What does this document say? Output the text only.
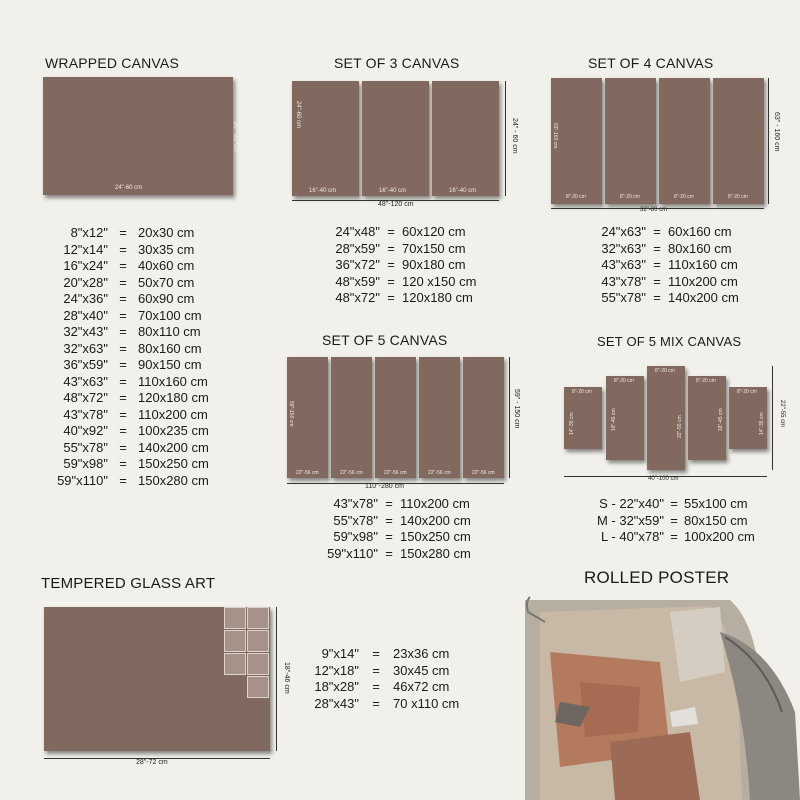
WRAPPED CANVAS
24"-60 cm
36"-90 cm
8"x12" = 20x30 cm
12"x14" = 30x35 cm
16"x24" = 40x60 cm
20"x28" = 50x70 cm
24"x36" = 60x90 cm
28"x40" = 70x100 cm
32"x43" = 80x110 cm
32"x63" = 80x160 cm
36"x59" = 90x150 cm
43"x63" = 110x160 cm
48"x72" = 120x180 cm
43"x78" = 110x200 cm
40"x92" = 100x235 cm
55"x78" = 140x200 cm
59"x98" = 150x250 cm
59"x110" = 150x280 cm
SET OF 3 CANVAS
24"-60 cm
16"-40 cm	16"-40 cm	16"-40 cm
48"-120 cm
24" - 60 cm
24"x48" = 60x120 cm
28"x59" = 70x150 cm
36"x72" = 90x180 cm
48"x59" = 120 x150 cm
48"x72" = 120x180 cm
SET OF 4 CANVAS
63"-160 cm
8"-20 cm	8"-20 cm	8"-20 cm	8"-20 cm
32"-80 cm
63" - 160 cm
24"x63" = 60x160 cm
32"x63" = 80x160 cm
43"x63" = 110x160 cm
43"x78" = 110x200 cm
55"x78" = 140x200 cm
SET OF 5 CANVAS
59"-150 cm
22"-56 cm	22"-56 cm	22"-56 cm	22"-56 cm	22"-56 cm
110"-280 cm
59" - 150 cm
43"x78" = 110x200 cm
55"x78" = 140x200 cm
59"x98" = 150x250 cm
59"x110" = 150x280 cm
SET OF 5 MIX CANVAS
8"-20 cm
14"-35 cm
8"-20 cm
18"-45 cm
8"-20 cm
22"-55 cm
8"-20 cm
18"-45 cm
8"-20 cm
14"-35 cm
40"-100 cm
22"-55 cm
S - 22"x40" = 55x100 cm
M - 32"x59" = 80x150 cm
L - 40"x78" = 100x200 cm
TEMPERED GLASS ART
28"-72 cm
18"-46 cm
9"x14"	=	23x36 cm
12"x18"	=	30x45 cm
18"x28"	=	46x72 cm
28"x43"	=	70 x110 cm
ROLLED POSTER
